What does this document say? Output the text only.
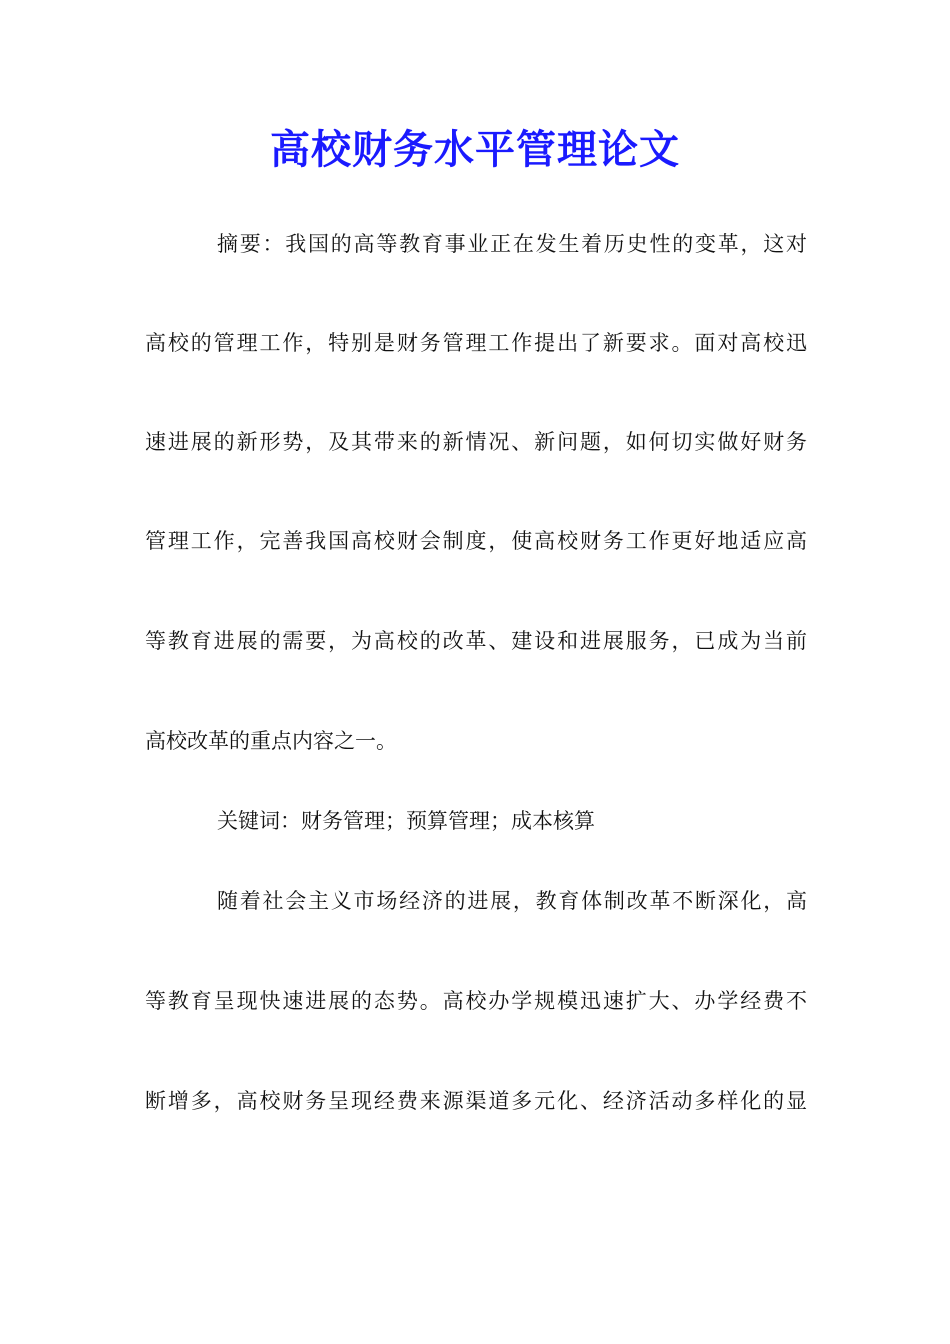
高校财务水平管理论文
摘要：我国的高等教育事业正在发生着历史性的变革，这对
高校的管理工作，特别是财务管理工作提出了新要求。面对高校迅
速进展的新形势，及其带来的新情况、新问题，如何切实做好财务
管理工作，完善我国高校财会制度，使高校财务工作更好地适应高
等教育进展的需要，为高校的改革、建设和进展服务，已成为当前
高校改革的重点内容之一。
关键词：财务管理；预算管理；成本核算
随着社会主义市场经济的进展，教育体制改革不断深化，高
等教育呈现快速进展的态势。高校办学规模迅速扩大、办学经费不
断增多，高校财务呈现经费来源渠道多元化、经济活动多样化的显
